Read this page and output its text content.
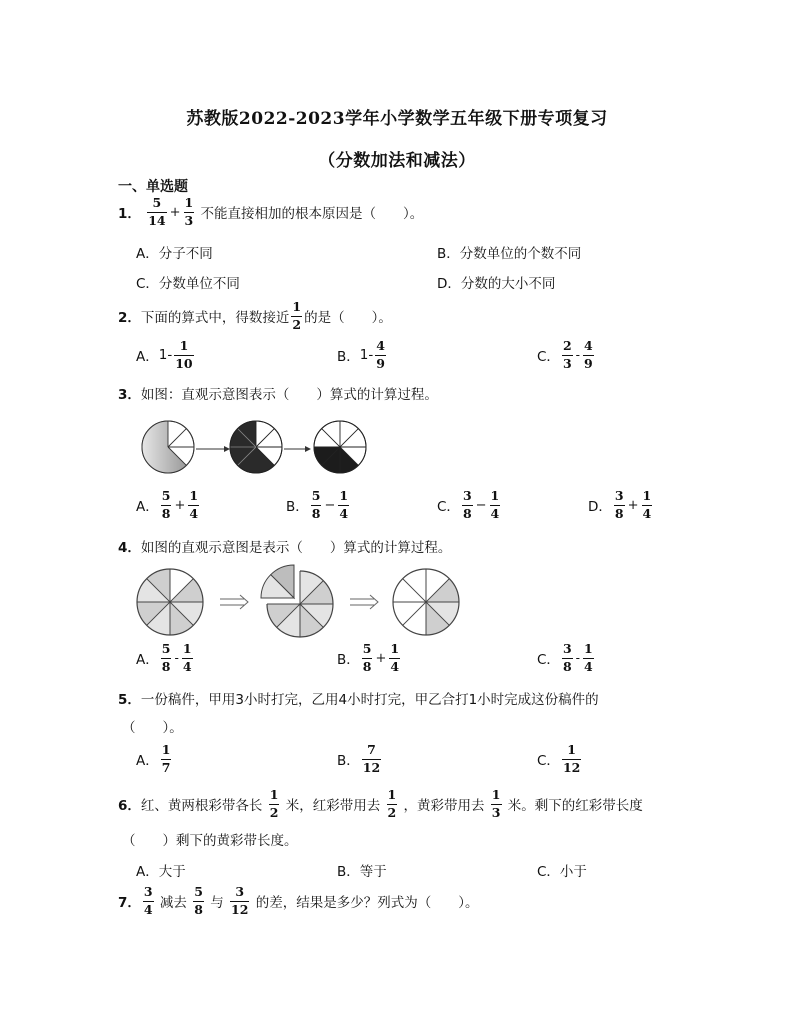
苏教版2022-2023学年小学数学五年级下册专项复习
（分数加法和减法）
一、单选题
1． $\frac{5}{14} + \frac{1}{3}$ 不能直接相加的根本原因是（　　）。
A．分子不同	B．分数单位的个数不同
C．分数单位不同	D．分数的大小不同
2．下面的算式中，得数接近 $\frac{1}{2}$ 的是（　　）。
A．$1- \frac{1}{10}$	B．$1- \frac{4}{9}$	C． $\frac{2}{3} - \frac{4}{9}$
3．如图：直观示意图表示（　　）算式的计算过程。
A． $\frac{5}{8} + \frac{1}{4}$	B． $\frac{5}{8} - \frac{1}{4}$	C． $\frac{3}{8} - \frac{1}{4}$	D． $\frac{3}{8} + \frac{1}{4}$
4．如图的直观示意图是表示（　　）算式的计算过程。
A． $\frac{5}{8} - \frac{1}{4}$	B． $\frac{5}{8} + \frac{1}{4}$	C． $\frac{3}{8} - \frac{1}{4}$
5．一份稿件，甲用3小时打完，乙用4小时打完，甲乙合打1小时完成这份稿件的
（　　）。
A． $\frac{1}{7}$	B． $\frac{7}{12}$	C． $\frac{1}{12}$
6．红、黄两根彩带各长 $\frac{1}{2}$ 米，红彩带用去 $\frac{1}{2}$ ，黄彩带用去 $\frac{1}{3}$ 米。剩下的红彩带长度
（　　）剩下的黄彩带长度。
A．大于	B．等于	C．小于
7． $\frac{3}{4}$ 减去 $\frac{5}{8}$ 与 $\frac{3}{12}$ 的差，结果是多少？列式为（　　）。
